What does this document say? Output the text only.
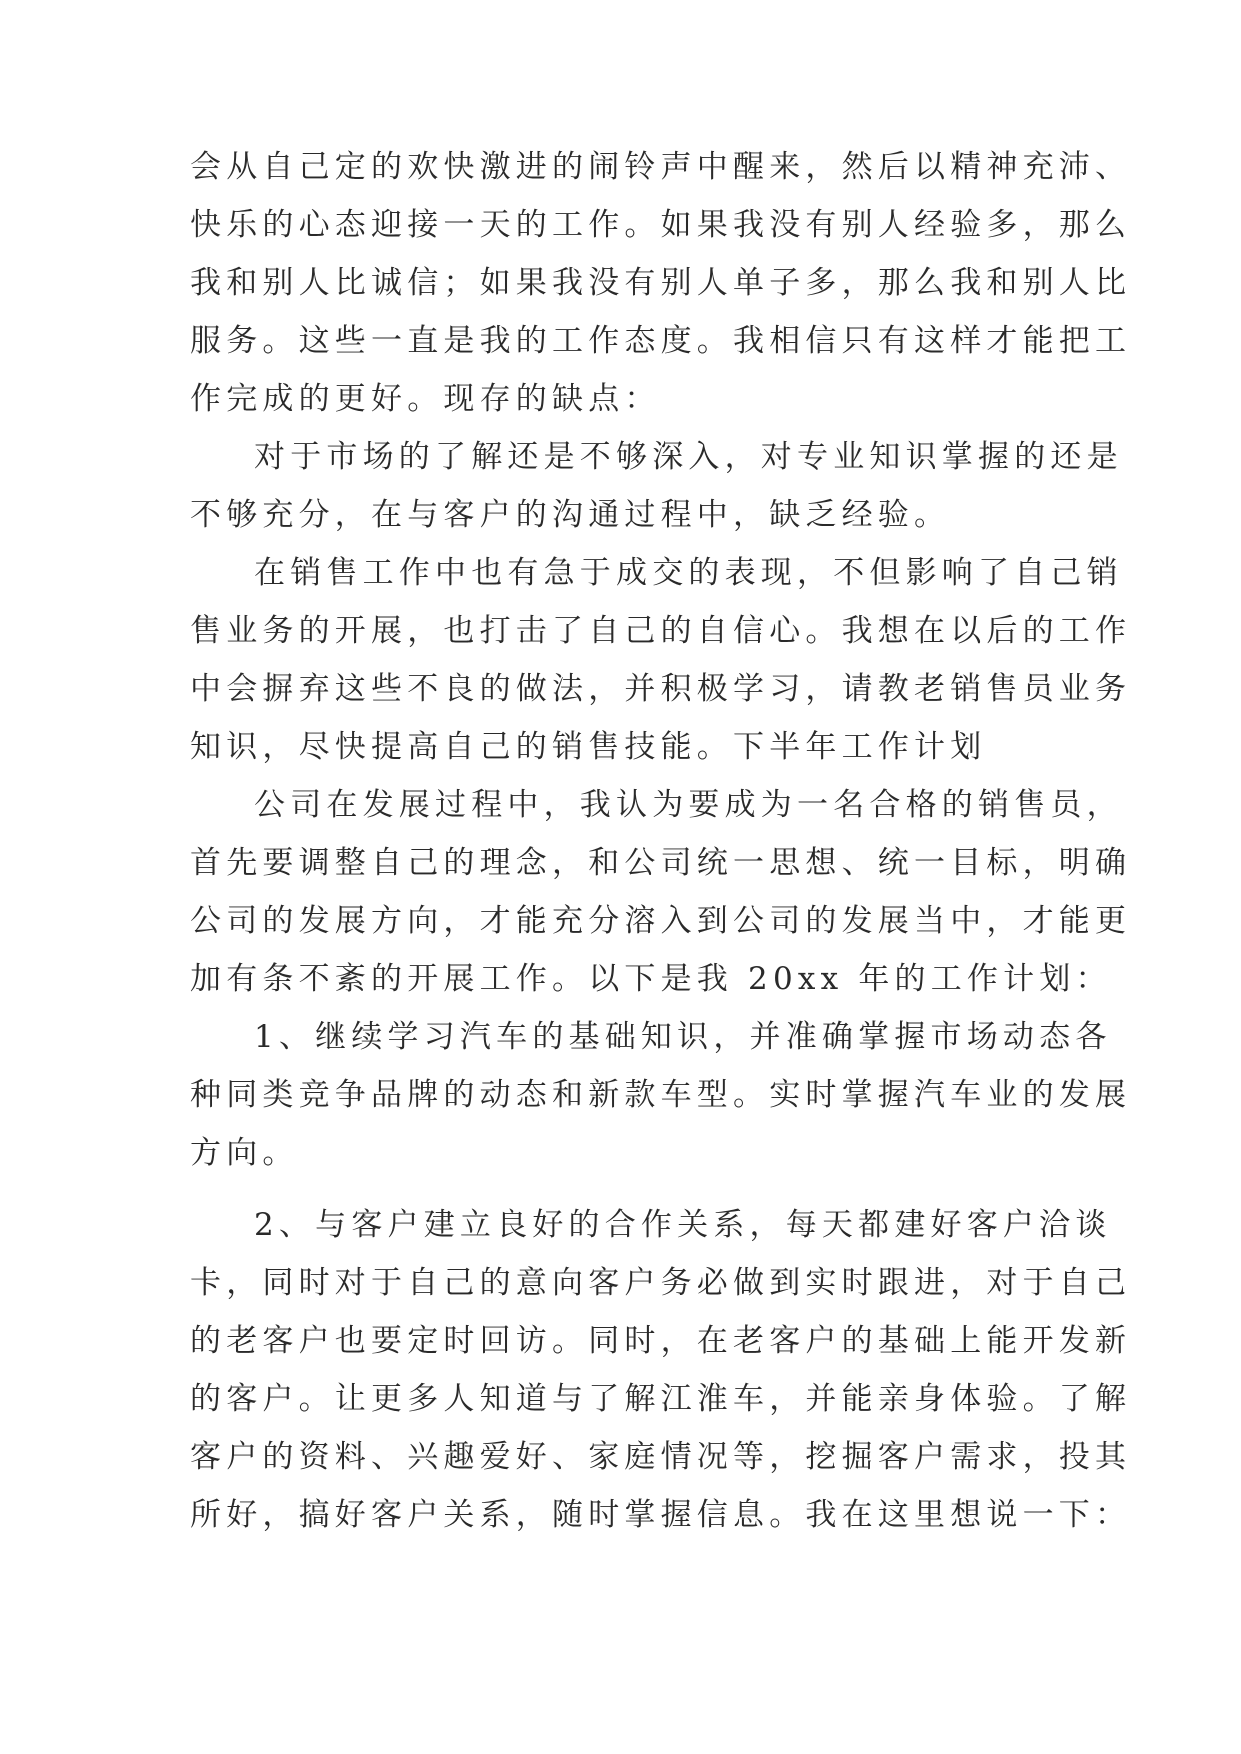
会从自己定的欢快激进的闹铃声中醒来，然后以精神充沛、
快乐的心态迎接一天的工作。如果我没有别人经验多，那么
我和别人比诚信；如果我没有别人单子多，那么我和别人比
服务。这些一直是我的工作态度。我相信只有这样才能把工
作完成的更好。现存的缺点：
对于市场的了解还是不够深入，对专业知识掌握的还是
不够充分，在与客户的沟通过程中，缺乏经验。
在销售工作中也有急于成交的表现，不但影响了自己销
售业务的开展，也打击了自己的自信心。我想在以后的工作
中会摒弃这些不良的做法，并积极学习，请教老销售员业务
知识，尽快提高自己的销售技能。下半年工作计划
公司在发展过程中，我认为要成为一名合格的销售员，
首先要调整自己的理念，和公司统一思想、统一目标，明确
公司的发展方向，才能充分溶入到公司的发展当中，才能更
加有条不紊的开展工作。以下是我 20xx 年的工作计划：
1、继续学习汽车的基础知识，并准确掌握市场动态各
种同类竞争品牌的动态和新款车型。实时掌握汽车业的发展
方向。
2、与客户建立良好的合作关系，每天都建好客户洽谈
卡，同时对于自己的意向客户务必做到实时跟进，对于自己
的老客户也要定时回访。同时，在老客户的基础上能开发新
的客户。让更多人知道与了解江淮车，并能亲身体验。了解
客户的资料、兴趣爱好、家庭情况等，挖掘客户需求，投其
所好，搞好客户关系，随时掌握信息。我在这里想说一下：
